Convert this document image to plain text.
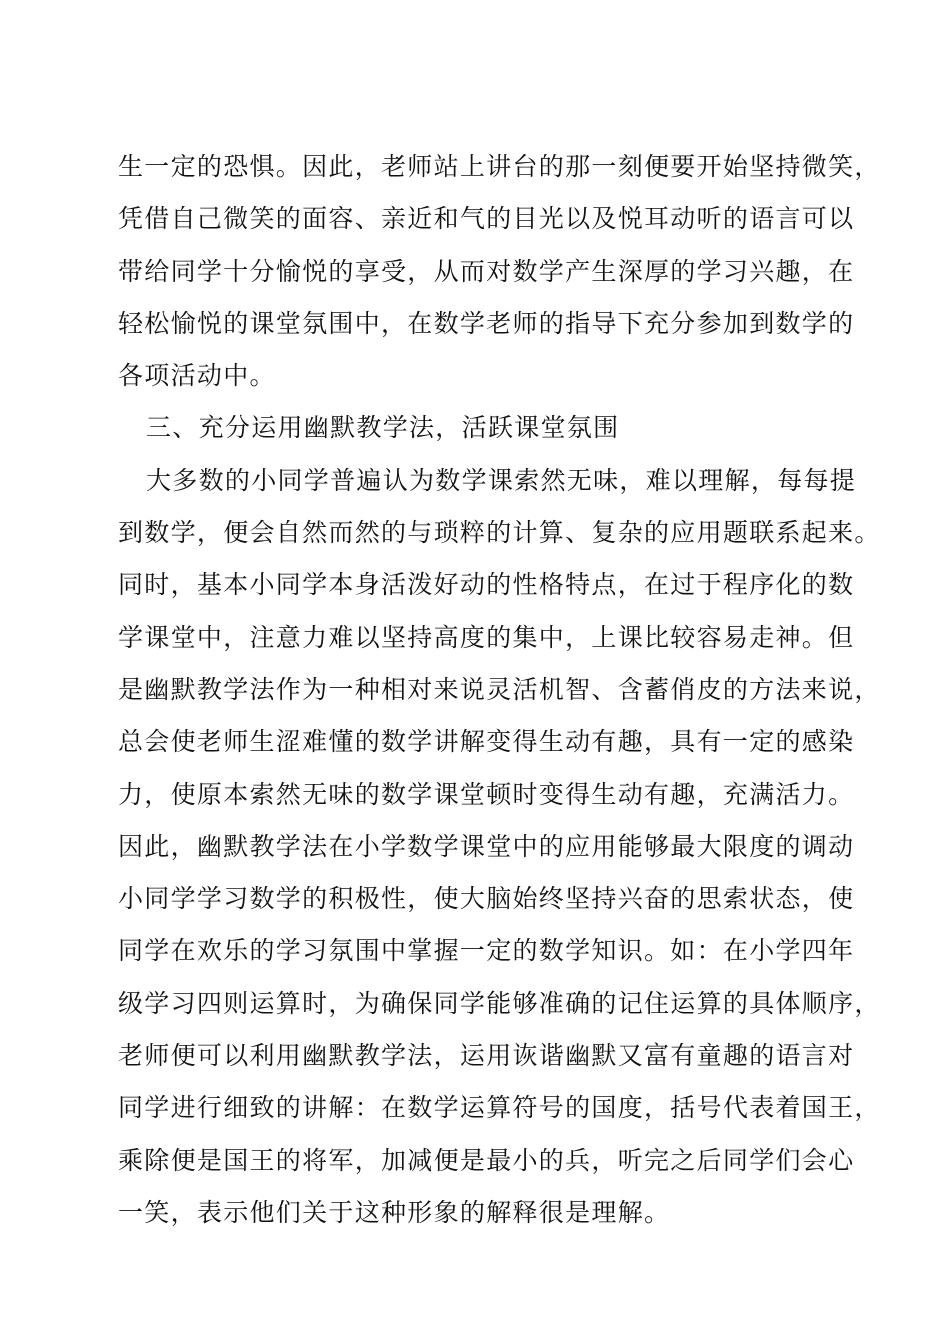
生一定的恐惧。因此，老师站上讲台的那一刻便要开始坚持微笑，
凭借自己微笑的面容、亲近和气的目光以及悦耳动听的语言可以
带给同学十分愉悦的享受，从而对数学产生深厚的学习兴趣，在
轻松愉悦的课堂氛围中，在数学老师的指导下充分参加到数学的
各项活动中。
三、充分运用幽默教学法，活跃课堂氛围
大多数的小同学普遍认为数学课索然无味，难以理解，每每提
到数学，便会自然而然的与琐粹的计算、复杂的应用题联系起来。
同时，基本小同学本身活泼好动的性格特点，在过于程序化的数
学课堂中，注意力难以坚持高度的集中，上课比较容易走神。但
是幽默教学法作为一种相对来说灵活机智、含蓄俏皮的方法来说，
总会使老师生涩难懂的数学讲解变得生动有趣，具有一定的感染
力，使原本索然无味的数学课堂顿时变得生动有趣，充满活力。
因此，幽默教学法在小学数学课堂中的应用能够最大限度的调动
小同学学习数学的积极性，使大脑始终坚持兴奋的思索状态，使
同学在欢乐的学习氛围中掌握一定的数学知识。如：在小学四年
级学习四则运算时，为确保同学能够准确的记住运算的具体顺序，
老师便可以利用幽默教学法，运用诙谐幽默又富有童趣的语言对
同学进行细致的讲解：在数学运算符号的国度，括号代表着国王，
乘除便是国王的将军，加减便是最小的兵，听完之后同学们会心
一笑，表示他们关于这种形象的解释很是理解。
